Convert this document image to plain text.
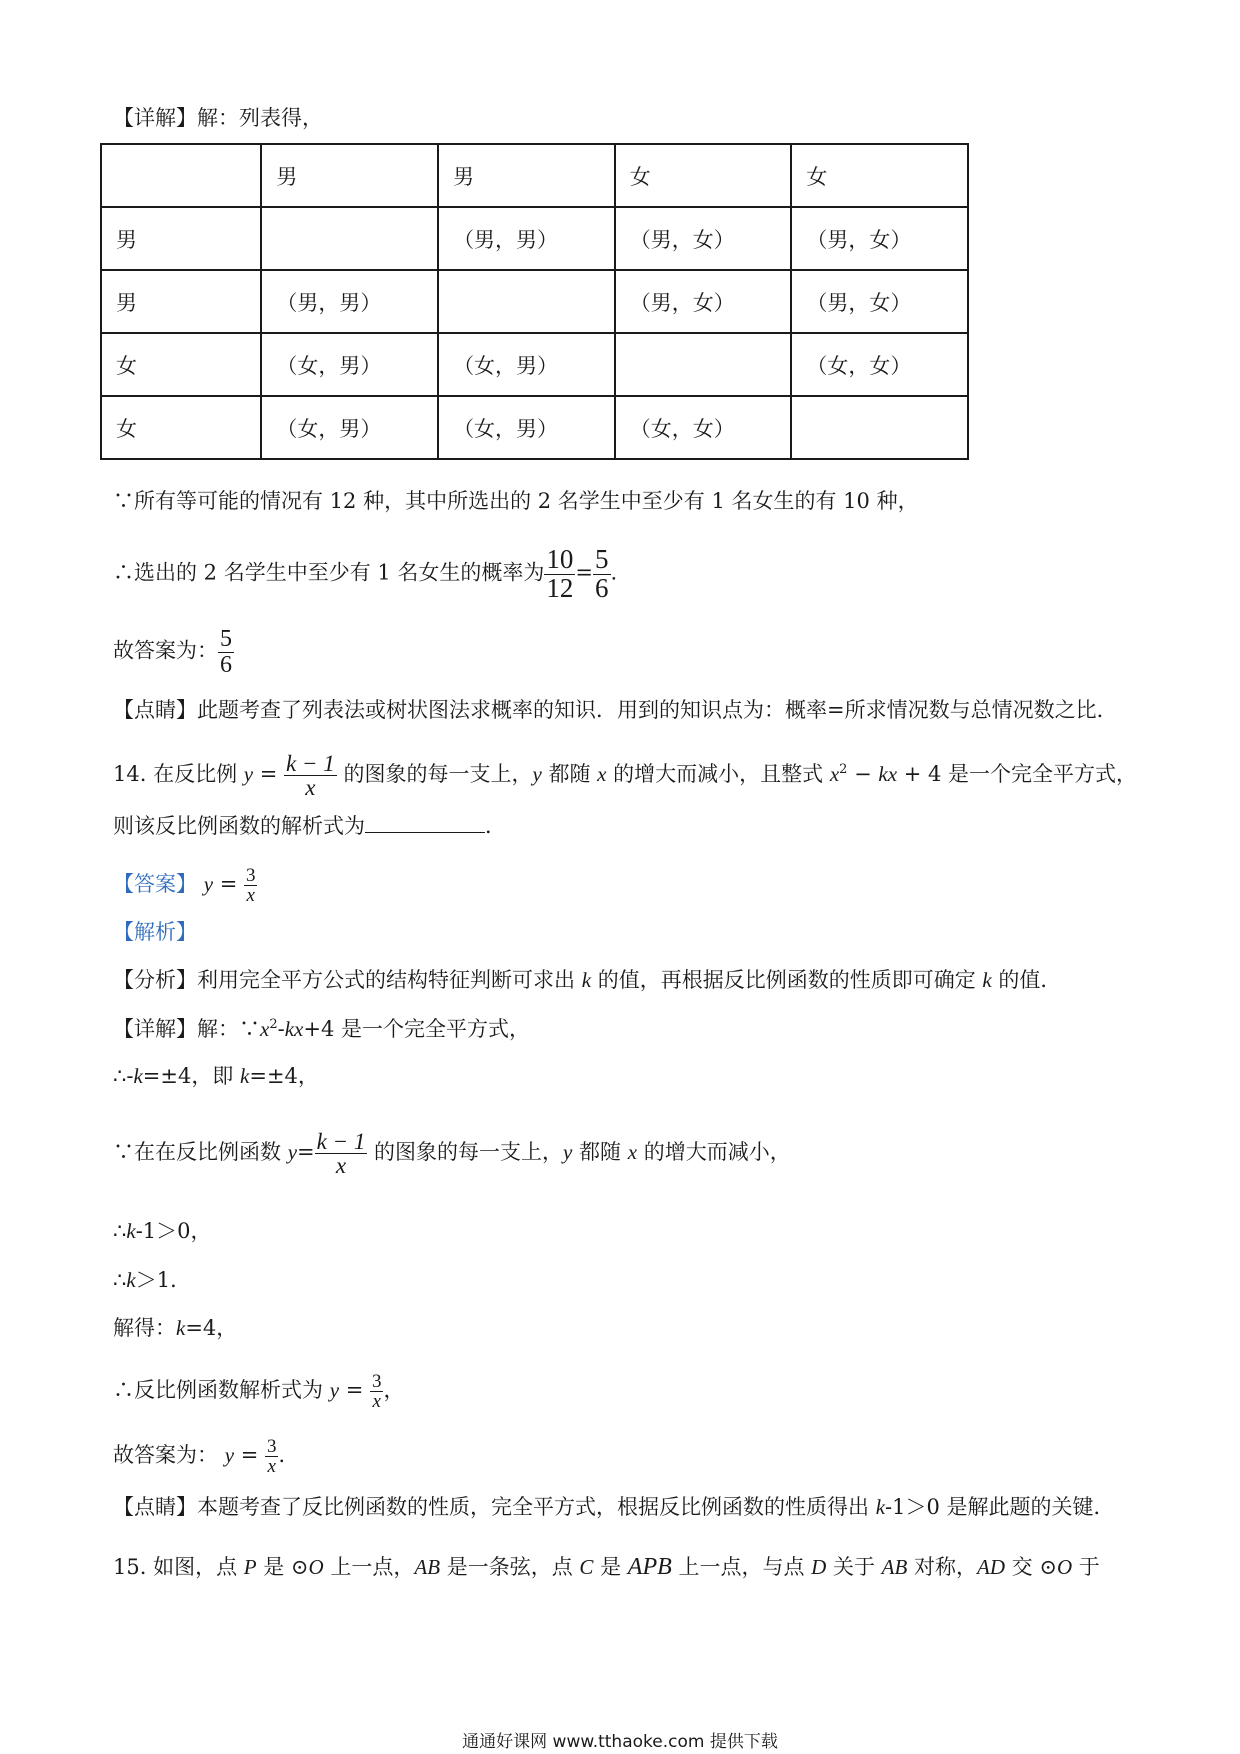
【详解】解：列表得，
	男	男	女	女
男		（男，男）	（男，女）	（男，女）
男	（男，男）		（男，女）	（男，女）
女	（女，男）	（女，男）		（女，女）
女	（女，男）	（女，男）	（女，女）	
∵所有等可能的情况有 12 种，其中所选出的 2 名学生中至少有 1 名女生的有 10 种，
∴选出的 2 名学生中至少有 1 名女生的概率为 $\frac{10}{12} = \frac{5}{6}$ .
故答案为： $\frac{5}{6}$
【点睛】此题考查了列表法或树状图法求概率的知识．用到的知识点为：概率=所求情况数与总情况数之比．
14. 在反比例 $y = \frac{k - 1}{x}$ 的图象的每一支上，y 都随 x 的增大而减小，且整式 $x^2$ − kx + 4 是一个完全平方式，
则该反比例函数的解析式为	．
【答案】 $y = \frac{3}{x}$
【解析】
【分析】利用完全平方公式的结构特征判断可求出 k 的值，再根据反比例函数的性质即可确定 k 的值．
【详解】解：$\because x^2-kx+4$ 是一个完全平方式，
∴-k=±4，即 k=±4，
∵在在反比例函数 $y= \frac{k - 1}{x}$ 的图象的每一支上，y 都随 x 的增大而减小，
∴k-1＞0，
∴k＞1．
解得：k=4，
∴反比例函数解析式为 $y = \frac{3}{x}$ ，
故答案为： $y = \frac{3}{x}$ ．
【点睛】本题考查了反比例函数的性质，完全平方式，根据反比例函数的性质得出 k-1＞0 是解此题的关键．
15. 如图，点 P 是 ⊙O 上一点，AB 是一条弦，点 C 是 APB 上一点，与点 D 关于 AB 对称，AD 交 ⊙O 于
通通好课网 www.tthaoke.com 提供下载
